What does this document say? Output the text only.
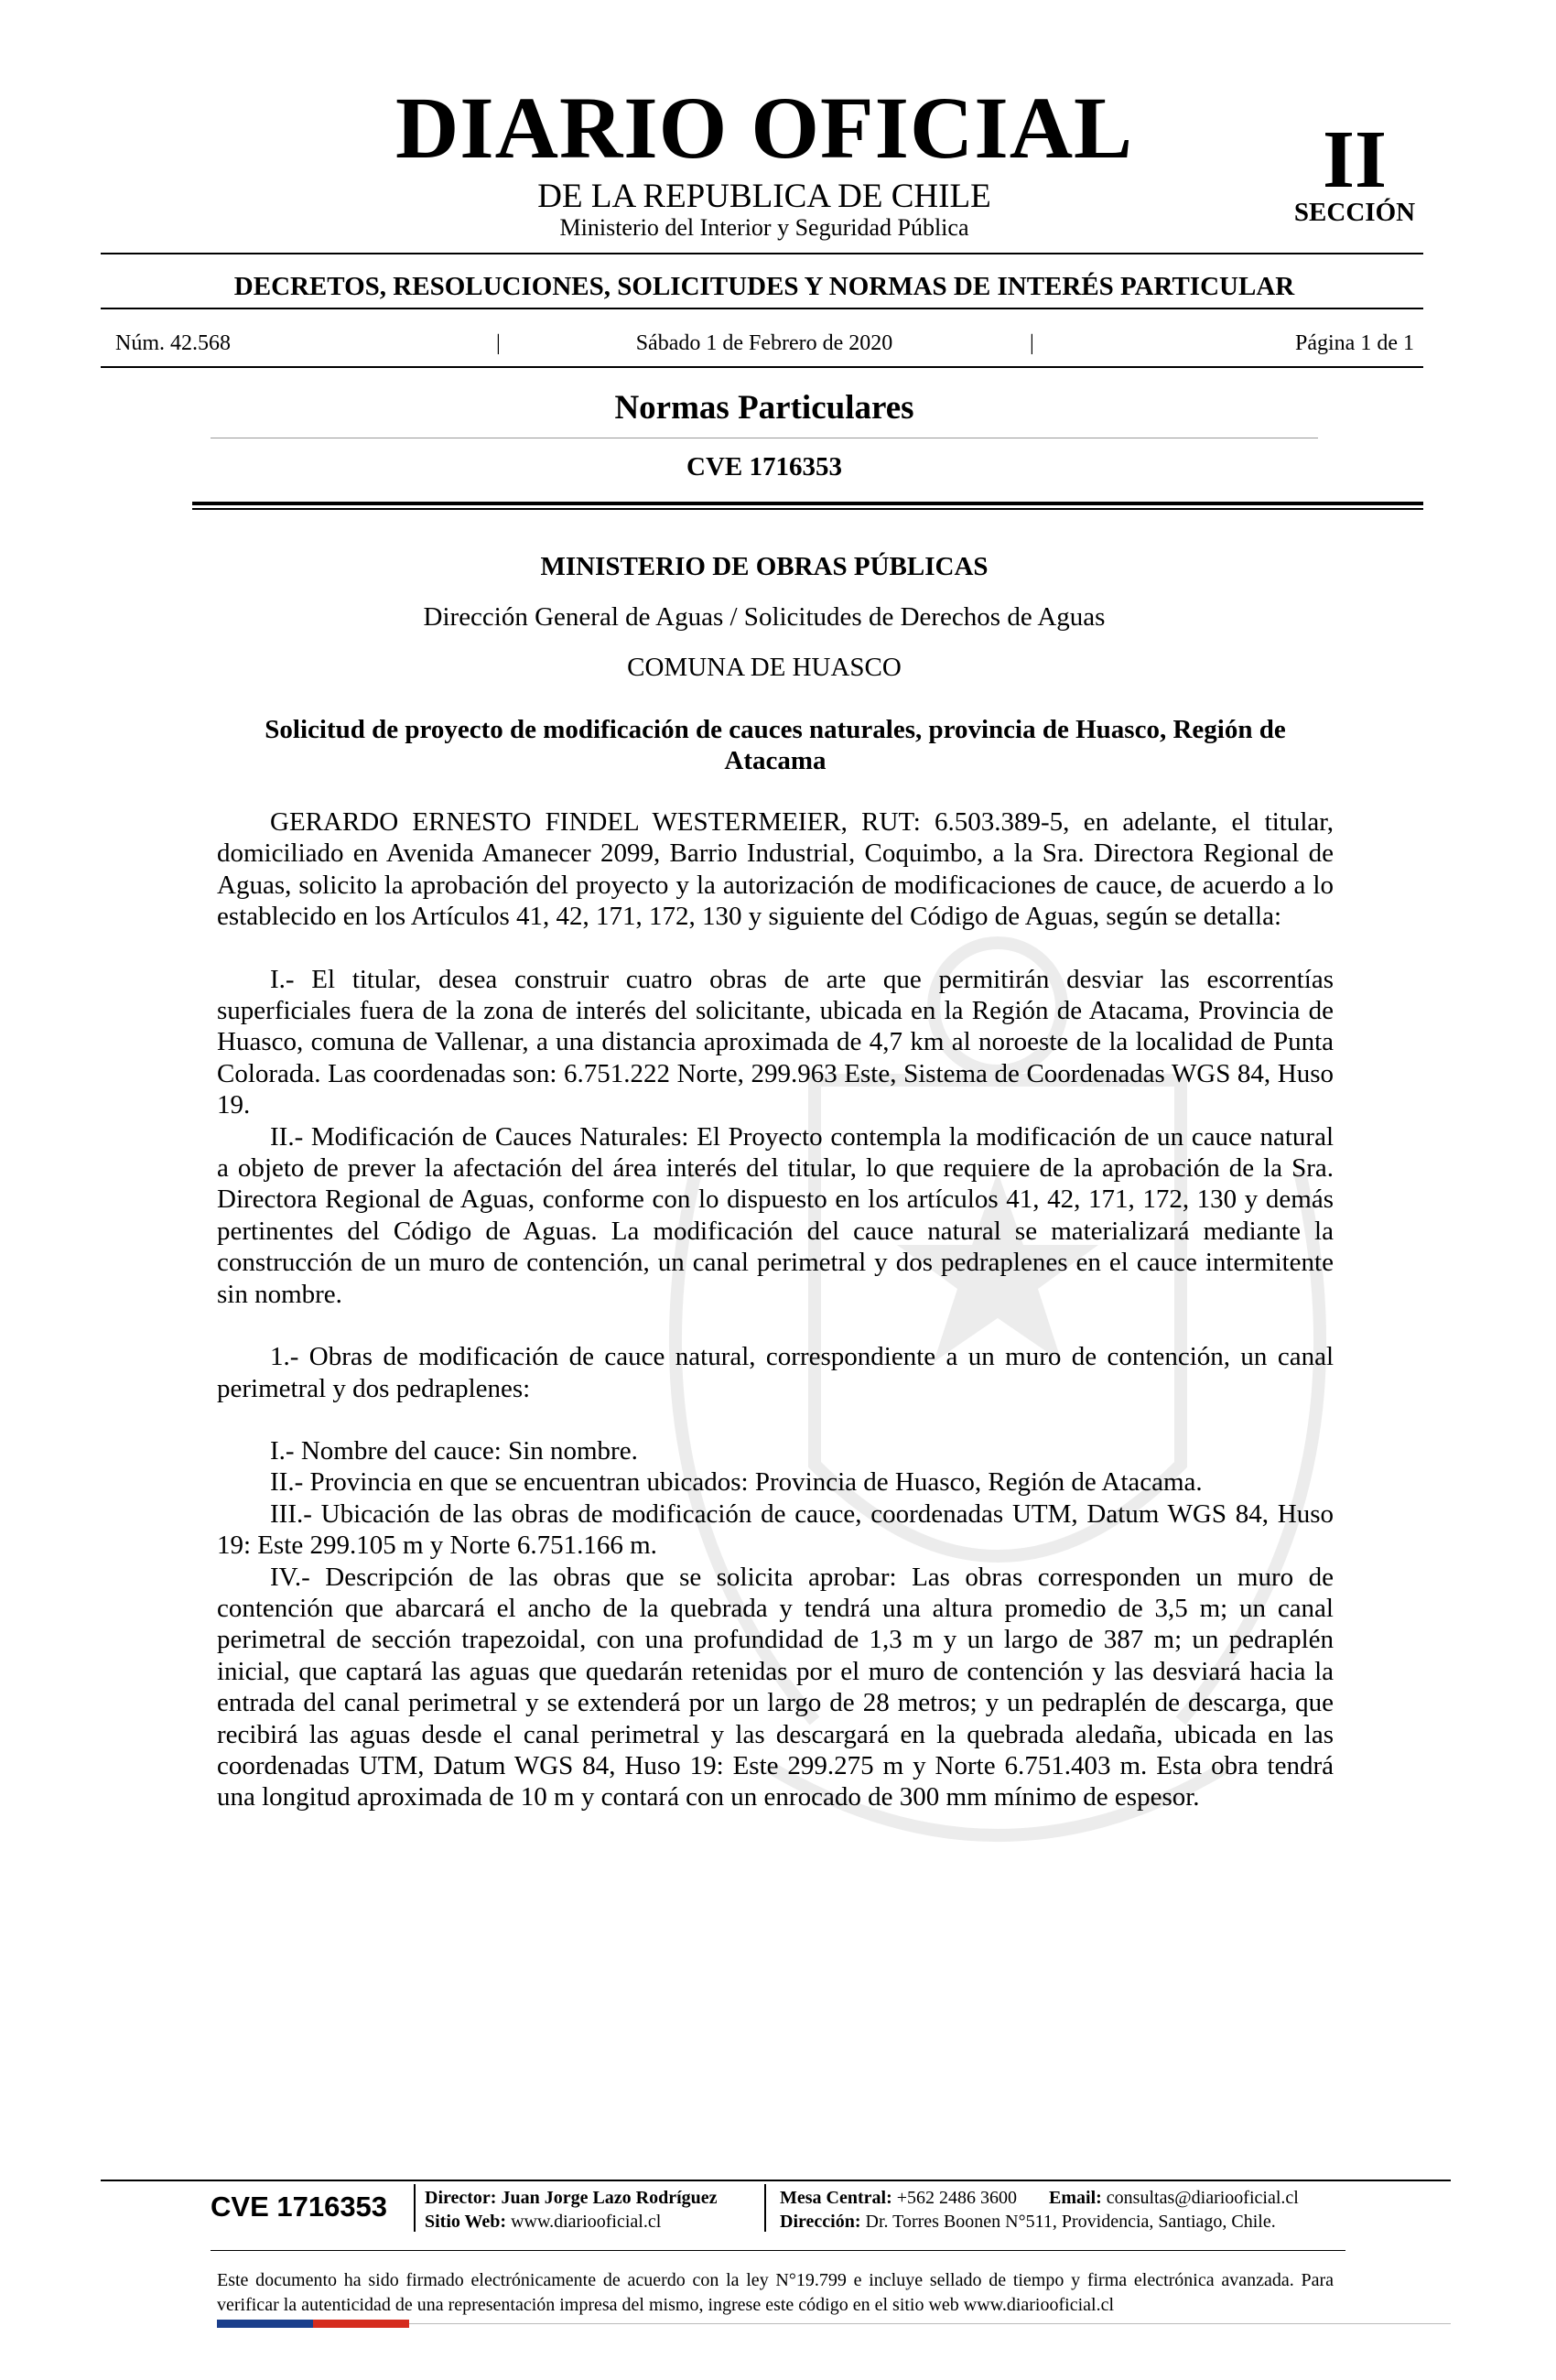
DIARIO OFICIAL
DE LA REPUBLICA DE CHILE
Ministerio del Interior y Seguridad Pública
II
SECCIÓN
DECRETOS, RESOLUCIONES, SOLICITUDES Y NORMAS DE INTERÉS PARTICULAR
Núm. 42.568	|	Sábado 1 de Febrero de 2020	|	Página 1 de 1
Normas Particulares
CVE 1716353
MINISTERIO DE OBRAS PÚBLICAS
Dirección General de Aguas / Solicitudes de Derechos de Aguas
COMUNA DE HUASCO
Solicitud de proyecto de modificación de cauces naturales, provincia de Huasco, Región de Atacama

GERARDO ERNESTO FINDEL WESTERMEIER, RUT: 6.503.389-5, en adelante, el titular, domiciliado en Avenida Amanecer 2099, Barrio Industrial, Coquimbo, a la Sra. Directora Regional de Aguas, solicito la aprobación del proyecto y la autorización de modificaciones de cauce, de acuerdo a lo establecido en los Artículos 41, 42, 171, 172, 130 y siguiente del Código de Aguas, según se detalla:

I.- El titular, desea construir cuatro obras de arte que permitirán desviar las escorrentías superficiales fuera de la zona de interés del solicitante, ubicada en la Región de Atacama, Provincia de Huasco, comuna de Vallenar, a una distancia aproximada de 4,7 km al noroeste de la localidad de Punta Colorada. Las coordenadas son: 6.751.222 Norte, 299.963 Este, Sistema de Coordenadas WGS 84, Huso 19.

II.- Modificación de Cauces Naturales: El Proyecto contempla la modificación de un cauce natural a objeto de prever la afectación del área interés del titular, lo que requiere de la aprobación de la Sra. Directora Regional de Aguas, conforme con lo dispuesto en los artículos 41, 42, 171, 172, 130 y demás pertinentes del Código de Aguas. La modificación del cauce natural se materializará mediante la construcción de un muro de contención, un canal perimetral y dos pedraplenes en el cauce intermitente sin nombre.

1.- Obras de modificación de cauce natural, correspondiente a un muro de contención, un canal perimetral y dos pedraplenes:

I.- Nombre del cauce: Sin nombre.

II.- Provincia en que se encuentran ubicados: Provincia de Huasco, Región de Atacama.

III.- Ubicación de las obras de modificación de cauce, coordenadas UTM, Datum WGS 84, Huso 19: Este 299.105 m y Norte 6.751.166 m.

IV.- Descripción de las obras que se solicita aprobar: Las obras corresponden un muro de contención que abarcará el ancho de la quebrada y tendrá una altura promedio de 3,5 m; un canal perimetral de sección trapezoidal, con una profundidad de 1,3 m y un largo de 387 m; un pedraplén inicial, que captará las aguas que quedarán retenidas por el muro de contención y las desviará hacia la entrada del canal perimetral y se extenderá por un largo de 28 metros; y un pedraplén de descarga, que recibirá las aguas desde el canal perimetral y las descargará en la quebrada aledaña, ubicada en las coordenadas UTM, Datum WGS 84, Huso 19: Este 299.275 m y Norte 6.751.403 m. Esta obra tendrá una longitud aproximada de 10 m y contará con un enrocado de 300 mm mínimo de espesor.

CVE 1716353 Director: Juan Jorge Lazo Rodríguez
Sitio Web: www.diariooficial.cl
Mesa Central: +562 2486 3600 Email: consultas@diariooficial.cl
Dirección: Dr. Torres Boonen N°511, Providencia, Santiago, Chile.
Este documento ha sido firmado electrónicamente de acuerdo con la ley N°19.799 e incluye sellado de tiempo y firma electrónica avanzada. Para verificar la autenticidad de una representación impresa del mismo, ingrese este código en el sitio web www.diariooficial.cl
